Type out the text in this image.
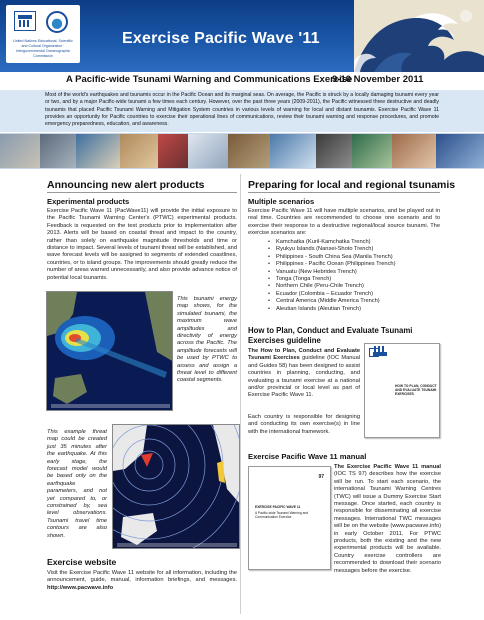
United Nations Educational, Scientific and Cultural Organization · Intergovernmental Oceanographic Commission
Exercise Pacific Wave '11
A Pacific-wide Tsunami Warning and Communications Exercise
9-10 November 2011

Most of the world's earthquakes and tsunamis occur in the Pacific Ocean and its marginal seas. On average, the Pacific is struck by a locally damaging tsunami every year or two, and by a major Pacific-wide tsunami a few times each century. However, over the past three years (2009-2011), the Pacific witnessed three destructive and deadly tsunamis that placed Pacific Tsunami Warning and Mitigation System countries in various levels of warning for local and distant tsunamis. Exercise Pacific Wave 11 provides an opportunity for Pacific countries to exercise their operational lines of communications, review their tsunami warning and response procedures, and promote emergency preparedness, education, and awareness.

Announcing new alert products
Experimental products
Exercise Pacific Wave 11 (PacWave11) will provide the initial exposure to the Pacific Tsunami Warning Center's (PTWC) experimental products. Feedback is requested on the test products prior to implementation after 2013. Alerts will be based on coastal threat and impact to the country, rather than solely on earthquake magnitude thresholds and time or distance to impact. Several levels of tsunami threat will be established, and wave forecast levels will be assigned to segments of extended coastlines, countries, or to island groups. The improvements should greatly reduce the number of areas warned unnecessarily, and also provide advance notice of potential local tsunamis.
This tsunami energy map shows, for the simulated tsunami, the maximum wave amplitudes and directivity of energy across the Pacific. The amplitude forecasts will be used by PTWC to assess and assign a threat level to different coastal segments.
This example threat map could be created just 35 minutes after the earthquake. At this early stage, the forecast model would be based only on the earthquake parameters, and not yet compared to, or constrained by, sea level observations. Tsunami travel time contours are also shown.
Exercise website
Visit the Exercise Pacific Wave 11 website for all information, including the announcement, guide, manual, information briefings, and messages. http://www.pacwave.info
Preparing for local and regional tsunamis
Multiple scenarios
Exercise Pacific Wave 11 will have multiple scenarios, and be played out in real time. Countries are recommended to choose one scenario and to exercise their response to a destructive regional/local source tsunami. The exercise scenarios are:
• Kamchatka (Kuril-Kamchatka Trench)
• Ryukyu Islands (Nansei-Shoto Trench)
• Philippines - South China Sea (Manila Trench)
• Philippines - Pacific Ocean (Philippines Trench)
• Vanuatu (New Hebrides Trench)
• Tonga (Tonga Trench)
• Northern Chile (Peru-Chile Trench)
• Ecuador (Colombia – Ecuador Trench)
• Central America (Middle America Trench)
• Aleutian Islands (Aleutian Trench)
How to Plan, Conduct and Evaluate Tsunami Exercises guideline
The How to Plan, Conduct and Evaluate Tsunami Exercises guideline (IOC Manual and Guides 58) has been designed to assist countries in planning, conducting, and evaluating a tsunami exercise at a national and/or provincial or local level as part of Exercise Pacific Wave 11.
Each country is responsible for designing and conducting its own exercise(s) in line with the international framework.
HOW TO PLAN, CONDUCT AND EVALUATE TSUNAMI EXERCISES
Exercise Pacific Wave 11 manual
97
EXERCISE PACIFIC WAVE 11
A Pacific-wide Tsunami Warning and Communication Exercise
The Exercise Pacific Wave 11 manual (IOC TS 97) describes how the exercise will be run. To start each scenario, the international Tsunami Warning Centres (TWC) will issue a Dummy Exercise Start message. Once started, each country is responsible for disseminating all exercise messages. International TWC messages will be on the website (www.pacwave.info) in early October 2011. For PTWC products, both the existing and the new experimental products will be available. Country exercise controllers are recommended to download their scenario messages before the exercise.
